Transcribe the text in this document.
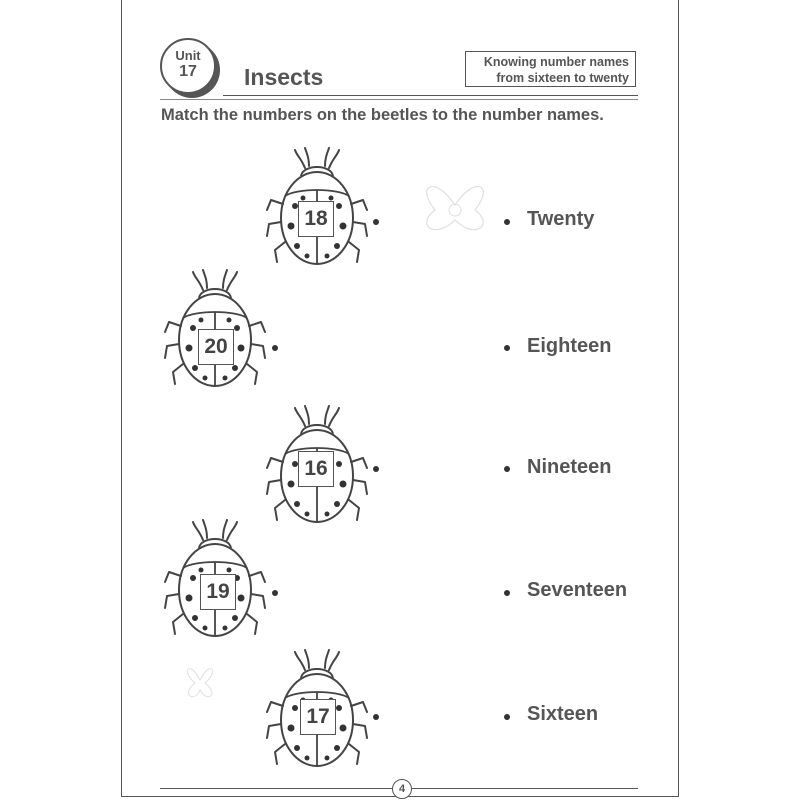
Unit
17	Insects
Knowing number names
from sixteen to twenty
Match the numbers on the beetles to the number names.
18
20
16
19
17
Twenty
Eighteen
Nineteen
Seventeen
Sixteen
4
